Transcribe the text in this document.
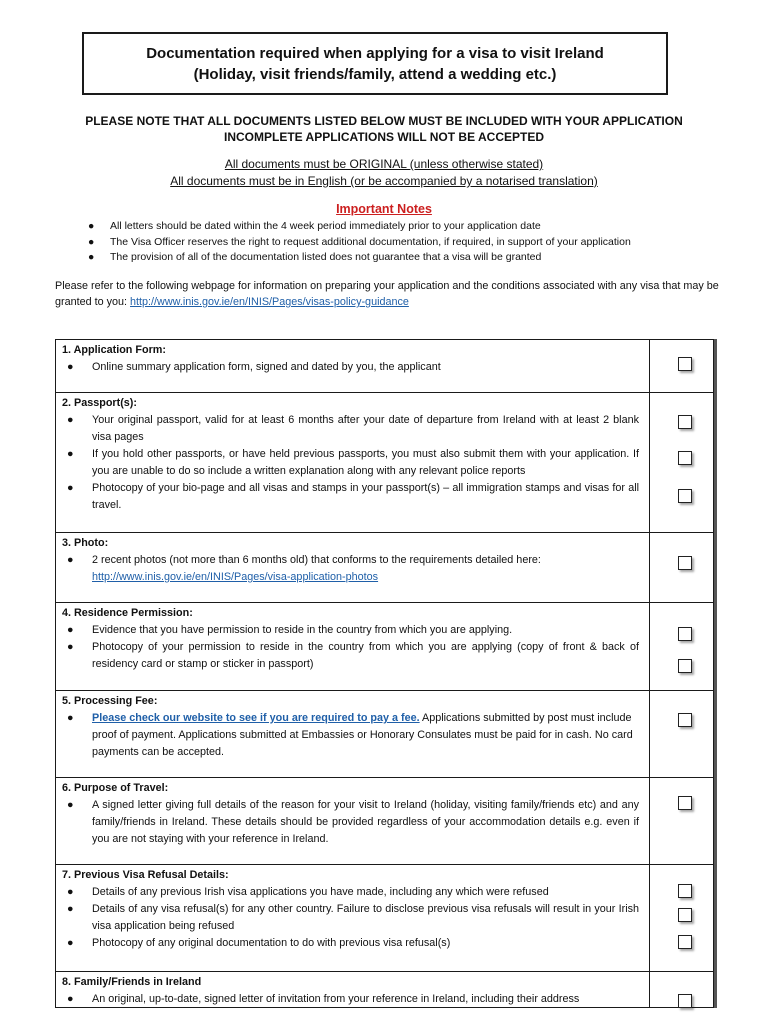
Documentation required when applying for a visa to visit Ireland
(Holiday, visit friends/family, attend a wedding etc.)
PLEASE NOTE THAT ALL DOCUMENTS LISTED BELOW MUST BE INCLUDED WITH YOUR APPLICATION
INCOMPLETE APPLICATIONS WILL NOT BE ACCEPTED
All documents must be ORIGINAL (unless otherwise stated)
All documents must be in English (or be accompanied by a notarised translation)
Important Notes
● All letters should be dated within the 4 week period immediately prior to your application date
● The Visa Officer reserves the right to request additional documentation, if required, in support of your application
● The provision of all of the documentation listed does not guarantee that a visa will be granted
Please refer to the following webpage for information on preparing your application and the conditions associated with any visa that may be granted to you: http://www.inis.gov.ie/en/INIS/Pages/visas-policy-guidance
1. Application Form:
● Online summary application form, signed and dated by you, the applicant
2. Passport(s):
● Your original passport, valid for at least 6 months after your date of departure from Ireland with at least 2 blank visa pages
● If you hold other passports, or have held previous passports, you must also submit them with your application. If you are unable to do so include a written explanation along with any relevant police reports
● Photocopy of your bio-page and all visas and stamps in your passport(s) – all immigration stamps and visas for all travel.
3. Photo:
● 2 recent photos (not more than 6 months old) that conforms to the requirements detailed here: http://www.inis.gov.ie/en/INIS/Pages/visa-application-photos
4. Residence Permission:
● Evidence that you have permission to reside in the country from which you are applying.
● Photocopy of your permission to reside in the country from which you are applying (copy of front & back of residency card or stamp or sticker in passport)
5. Processing Fee:
● Please check our website to see if you are required to pay a fee. Applications submitted by post must include proof of payment. Applications submitted at Embassies or Honorary Consulates must be paid for in cash. No card payments can be accepted.
6. Purpose of Travel:
● A signed letter giving full details of the reason for your visit to Ireland (holiday, visiting family/friends etc) and any family/friends in Ireland. These details should be provided regardless of your accommodation details e.g. even if you are not staying with your reference in Ireland.
7. Previous Visa Refusal Details:
● Details of any previous Irish visa applications you have made, including any which were refused
● Details of any visa refusal(s) for any other country. Failure to disclose previous visa refusals will result in your Irish visa application being refused
● Photocopy of any original documentation to do with previous visa refusal(s)
8. Family/Friends in Ireland
● An original, up-to-date, signed letter of invitation from your reference in Ireland, including their address
